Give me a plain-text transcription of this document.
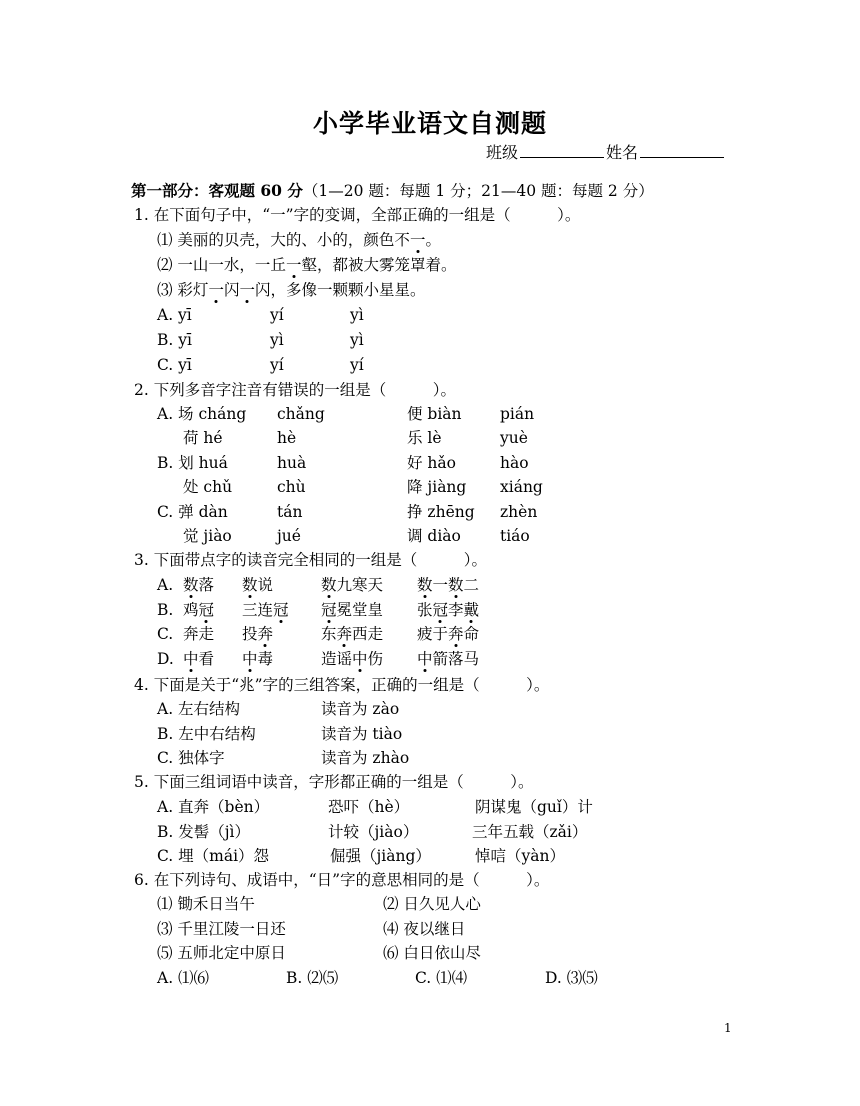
小学毕业语文自测题
班级	姓名
第一部分：客观题 60 分（1—20 题：每题 1 分；21—40 题：每题 2 分）
1. 在下面句子中，“一”字的变调，全部正确的一组是（　　　）。
⑴ 美丽的贝壳，大的、小的，颜色不一。
⑵ 一山一水，一丘一壑，都被大雾笼罩着。
⑶ 彩灯一闪一闪，多像一颗颗小星星。
A. yī	yí	yì
B. yī	yì	yì
C. yī	yí	yí
2. 下列多音字注音有错误的一组是（　　　）。
A. 场 cháng chǎng	便 biàn pián
荷 hé	hè	乐 lè	yuè
B. 划 huá	huà	好 hǎo	hào
处 chǔ	chù	降 jiàng xiáng
C. 弹 dàn	tán	挣 zhēng zhèn
觉 jiào	jué	调 diào	tiáo
3. 下面带点字的读音完全相同的一组是（　　　）。
A. 数落 数说	数九寒天 数一数二
B. 鸡冠 三连冠 冠冕堂皇 张冠李戴
C. 奔走 投奔	东奔西走 疲于奔命
D. 中看 中毒	造谣中伤 中箭落马
4. 下面是关于“兆”字的三组答案，正确的一组是（　　　）。
A. 左右结构	读音为 zào
B. 左中右结构	读音为 tiào
C. 独体字	读音为 zhào
5. 下面三组词语中读音，字形都正确的一组是（　　　）。
A. 直奔（bèn）	恐吓（hè）	阴谋鬼（guǐ）计
B. 发髻（jì）	计较（jiào）	三年五载（zǎi）
C. 埋（mái）怨	倔强（jiàng）	悼唁（yàn）
6. 在下列诗句、成语中，“日”字的意思相同的是（　　　）。
⑴ 锄禾日当午	⑵ 日久见人心
⑶ 千里江陵一日还	⑷ 夜以继日
⑸ 五师北定中原日	⑹ 白日依山尽
A. ⑴⑹	B. ⑵⑸	C. ⑴⑷	D. ⑶⑸
1
